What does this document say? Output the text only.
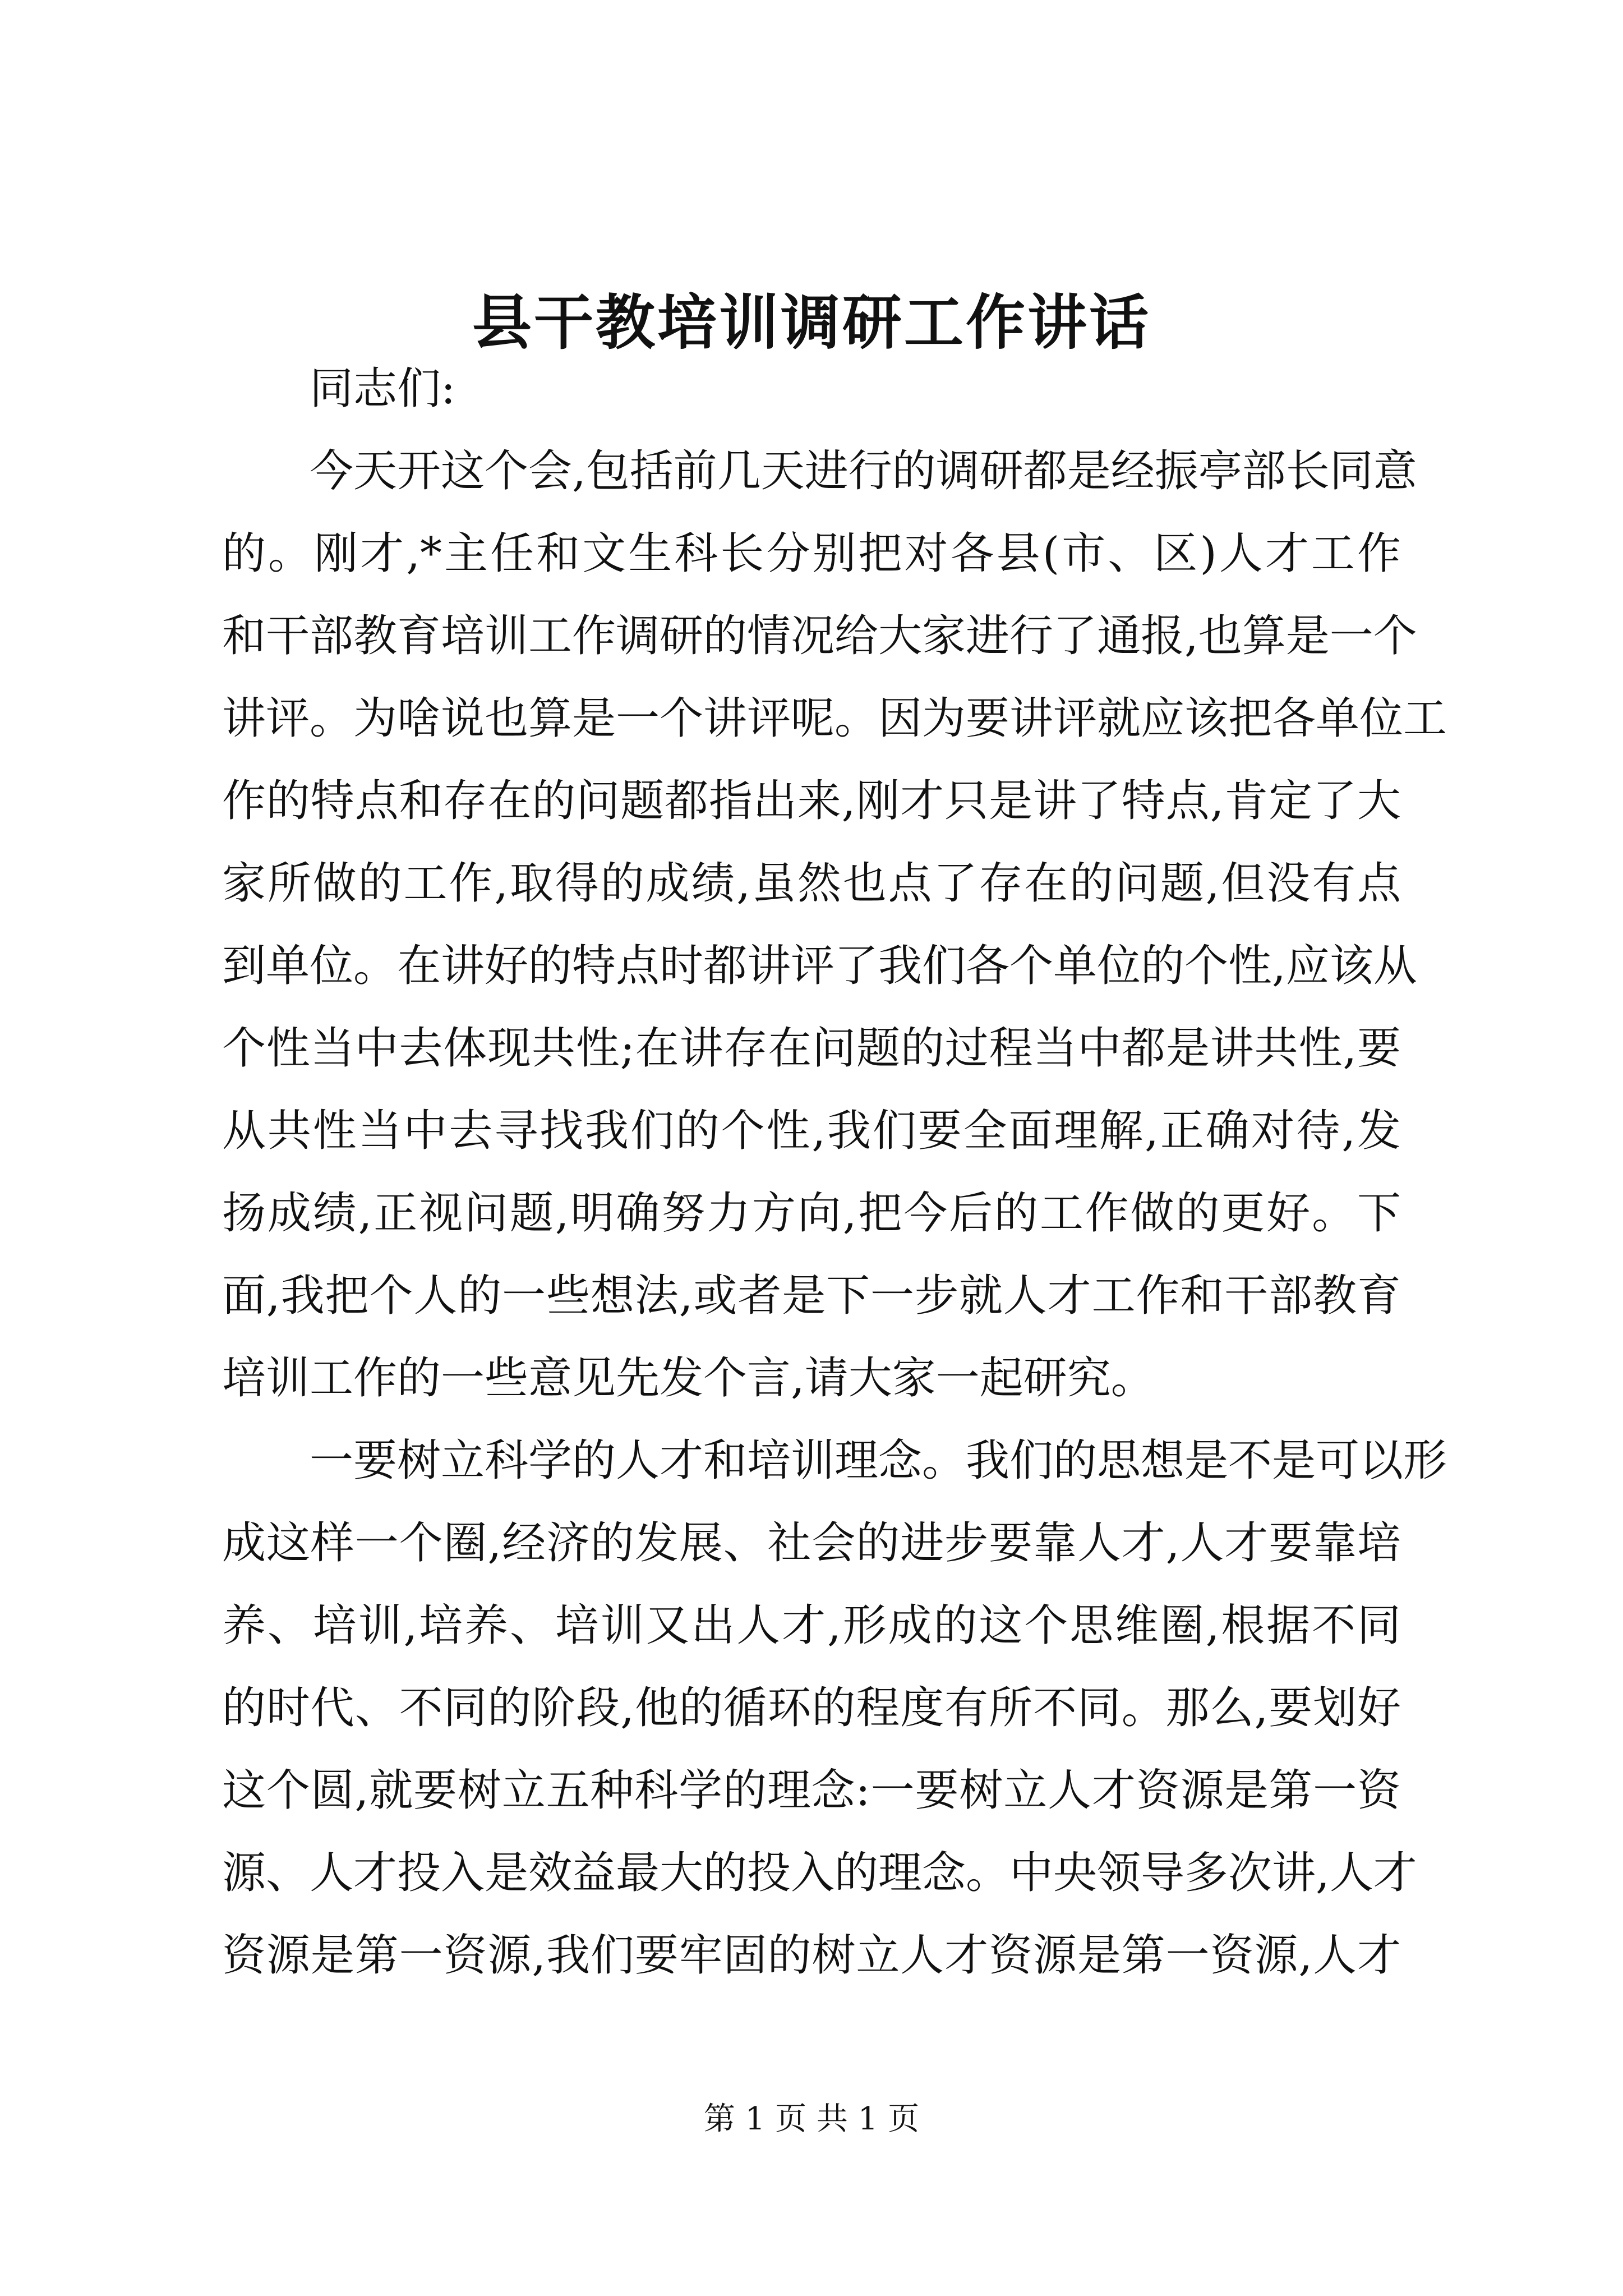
县干教培训调研工作讲话
同志们:
今天开这个会,包括前几天进行的调研都是经振亭部长同意
的。刚才,*主任和文生科长分别把对各县(市、区)人才工作
和干部教育培训工作调研的情况给大家进行了通报,也算是一个
讲评。为啥说也算是一个讲评呢。因为要讲评就应该把各单位工
作的特点和存在的问题都指出来,刚才只是讲了特点,肯定了大
家所做的工作,取得的成绩,虽然也点了存在的问题,但没有点
到单位。在讲好的特点时都讲评了我们各个单位的个性,应该从
个性当中去体现共性;在讲存在问题的过程当中都是讲共性,要
从共性当中去寻找我们的个性,我们要全面理解,正确对待,发
扬成绩,正视问题,明确努力方向,把今后的工作做的更好。下
面,我把个人的一些想法,或者是下一步就人才工作和干部教育
培训工作的一些意见先发个言,请大家一起研究。
一要树立科学的人才和培训理念。我们的思想是不是可以形
成这样一个圈,经济的发展、社会的进步要靠人才,人才要靠培
养、培训,培养、培训又出人才,形成的这个思维圈,根据不同
的时代、不同的阶段,他的循环的程度有所不同。那么,要划好
这个圆,就要树立五种科学的理念:一要树立人才资源是第一资
源、人才投入是效益最大的投入的理念。中央领导多次讲,人才
资源是第一资源,我们要牢固的树立人才资源是第一资源,人才
第 1 页 共 1 页
